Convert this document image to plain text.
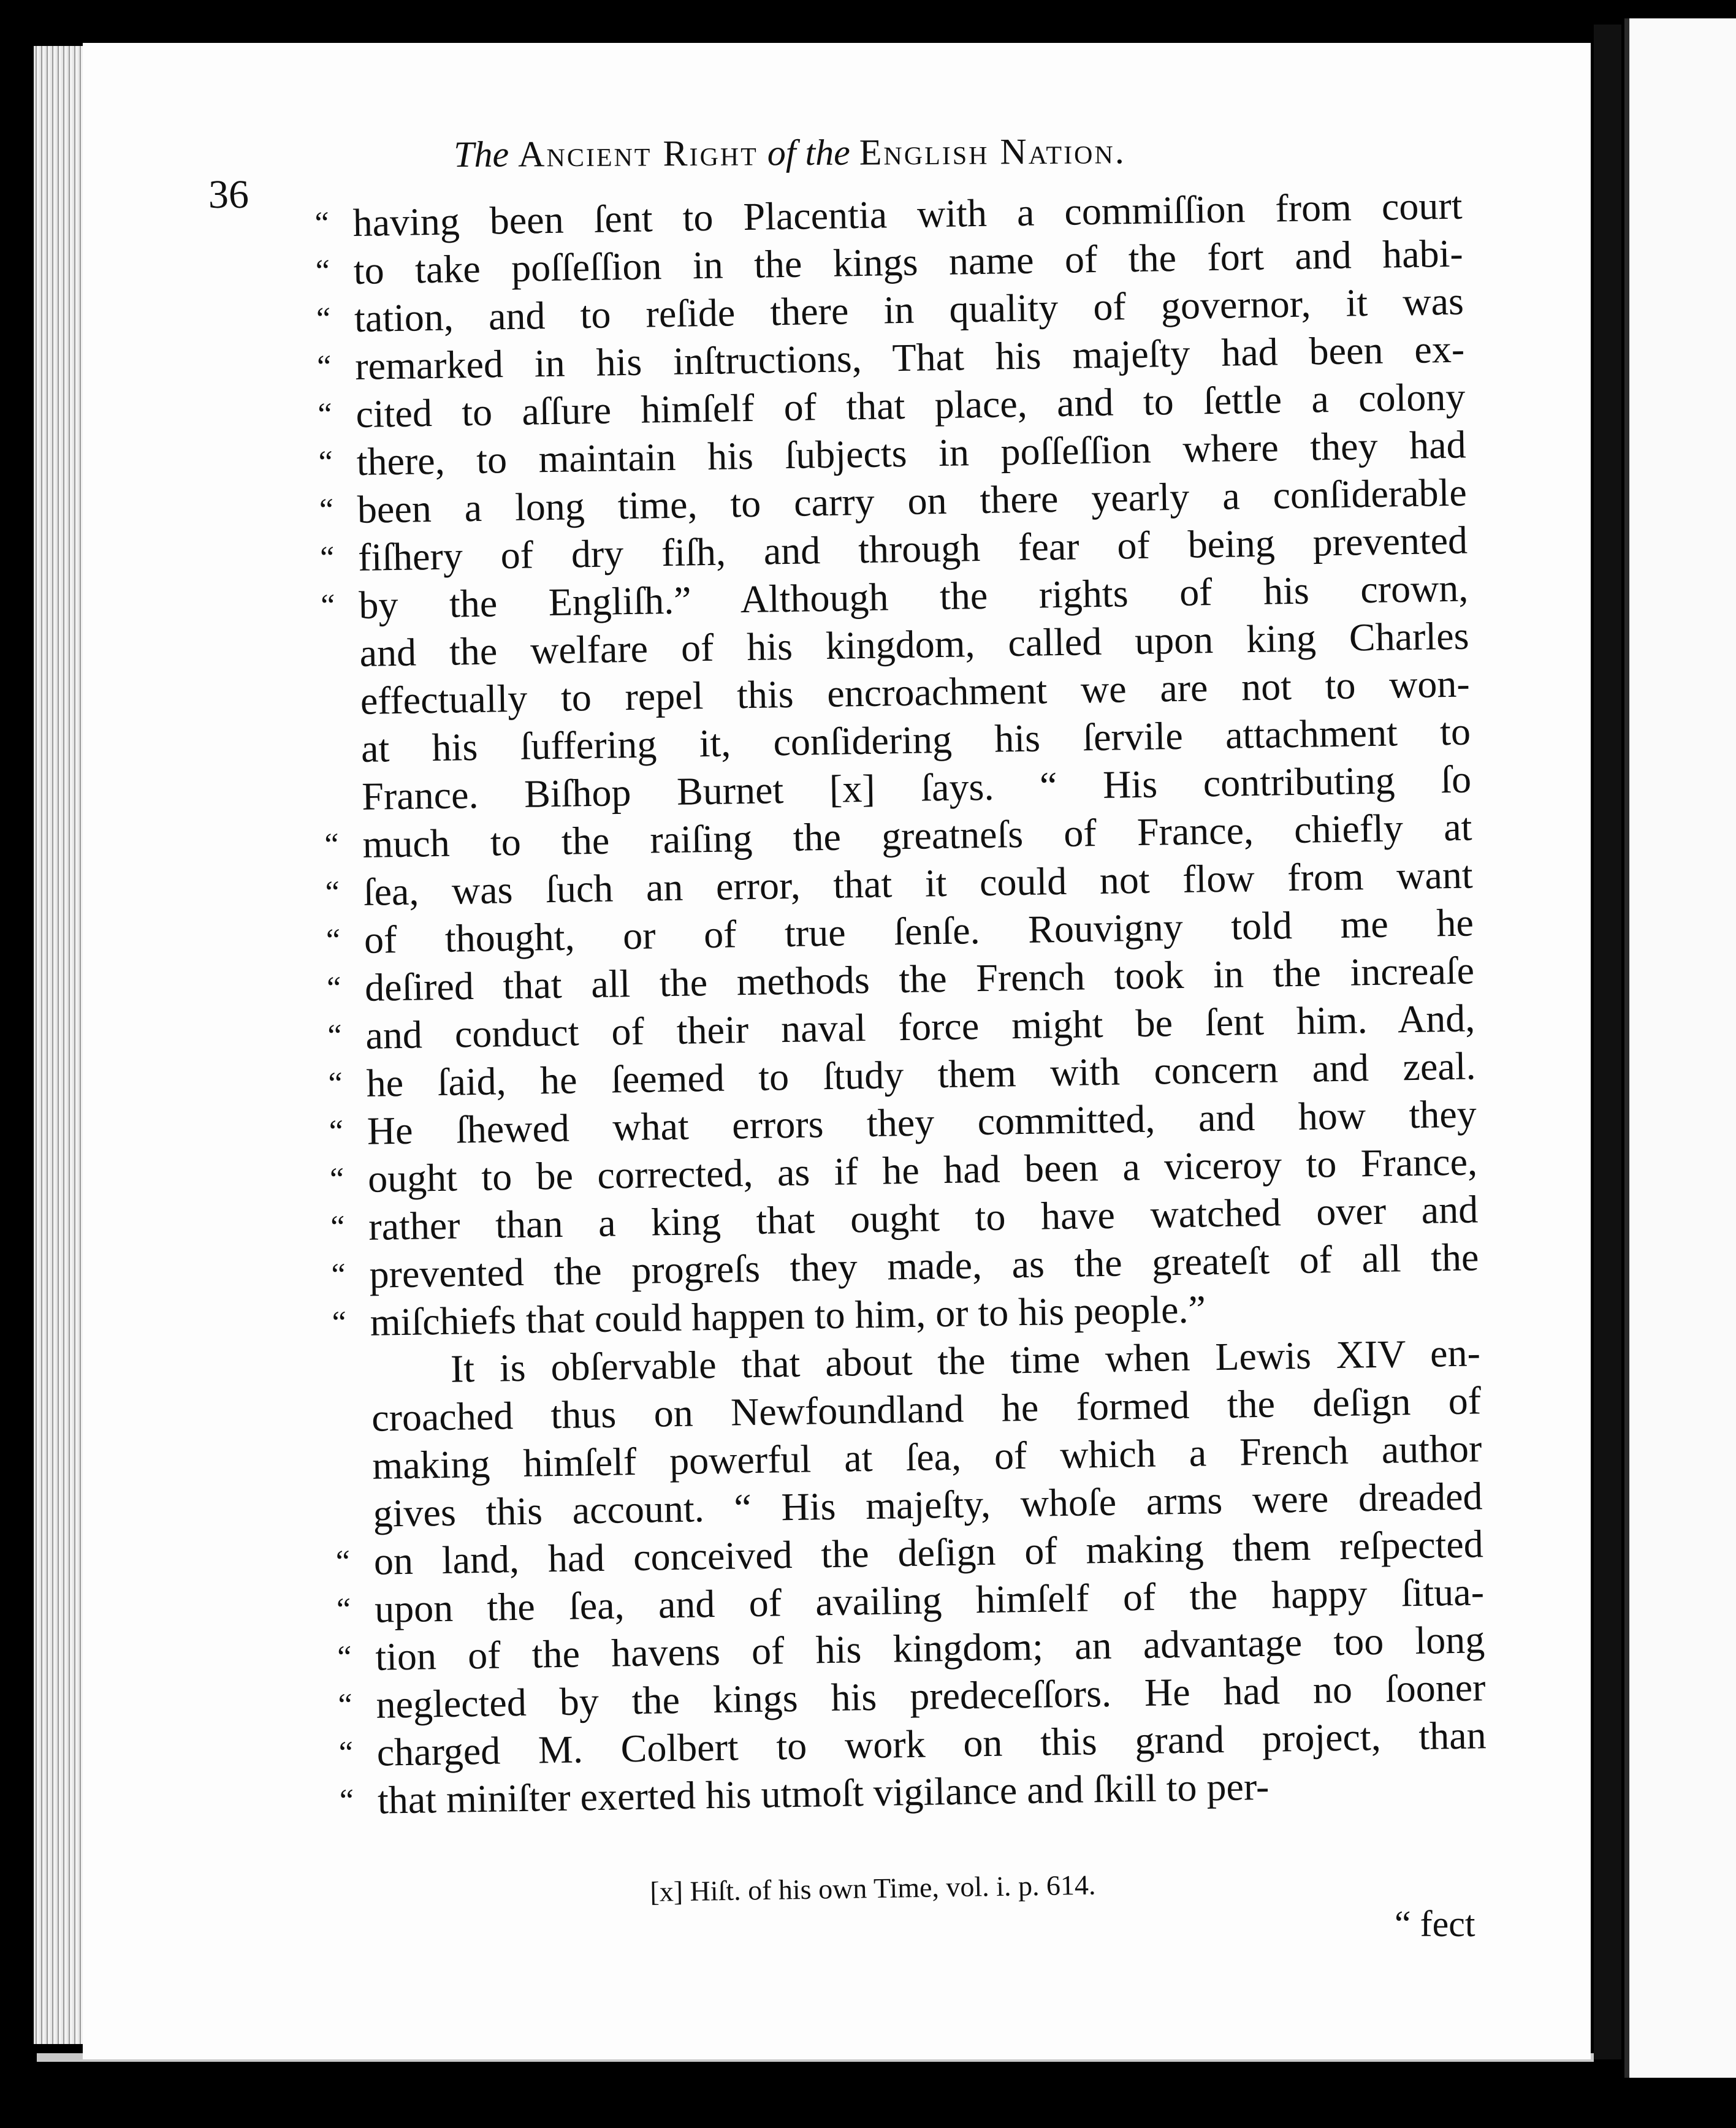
36
The Ancient Right of the English Nation.
“ having been ſent to Placentia with a commiſſion from court
“ to take poſſeſſion in the kings name of the fort and habi-
“ tation, and to reſide there in quality of governor, it was
“ remarked in his inſtructions, That his majeſty had been ex-
“ cited to aſſure himſelf of that place, and to ſettle a colony
“ there, to maintain his ſubjects in poſſeſſion where they had
“ been a long time, to carry on there yearly a conſiderable
“ fiſhery of dry fiſh, and through fear of being prevented
“ by the Engliſh.” Although the rights of his crown,
and the welfare of his kingdom, called upon king Charles
effectually to repel this encroachment we are not to won-
at his ſuffering it, conſidering his ſervile attachment to
France. Biſhop Burnet [x] ſays. “ His contributing ſo
“ much to the raiſing the greatneſs of France, chiefly at
“ ſea, was ſuch an error, that it could not flow from want
“ of thought, or of true ſenſe. Rouvigny told me he
“ deſired that all the methods the French took in the increaſe
“ and conduct of their naval force might be ſent him. And,
“ he ſaid, he ſeemed to ſtudy them with concern and zeal.
“ He ſhewed what errors they committed, and how they
“ ought to be corrected, as if he had been a viceroy to France,
“ rather than a king that ought to have watched over and
“ prevented the progreſs they made, as the greateſt of all the
“ miſchiefs that could happen to him, or to his people.”
It is obſervable that about the time when Lewis XIV en-
croached thus on Newfoundland he formed the deſign of
making himſelf powerful at ſea, of which a French author
gives this account. “ His majeſty, whoſe arms were dreaded
“ on land, had conceived the deſign of making them reſpected
“ upon the ſea, and of availing himſelf of the happy ſitua-
“ tion of the havens of his kingdom; an advantage too long
“ neglected by the kings his predeceſſors. He had no ſooner
“ charged M. Colbert to work on this grand project, than
“ that miniſter exerted his utmoſt vigilance and ſkill to per-
[x] Hiſt. of his own Time, vol. i. p. 614.
“ fect
